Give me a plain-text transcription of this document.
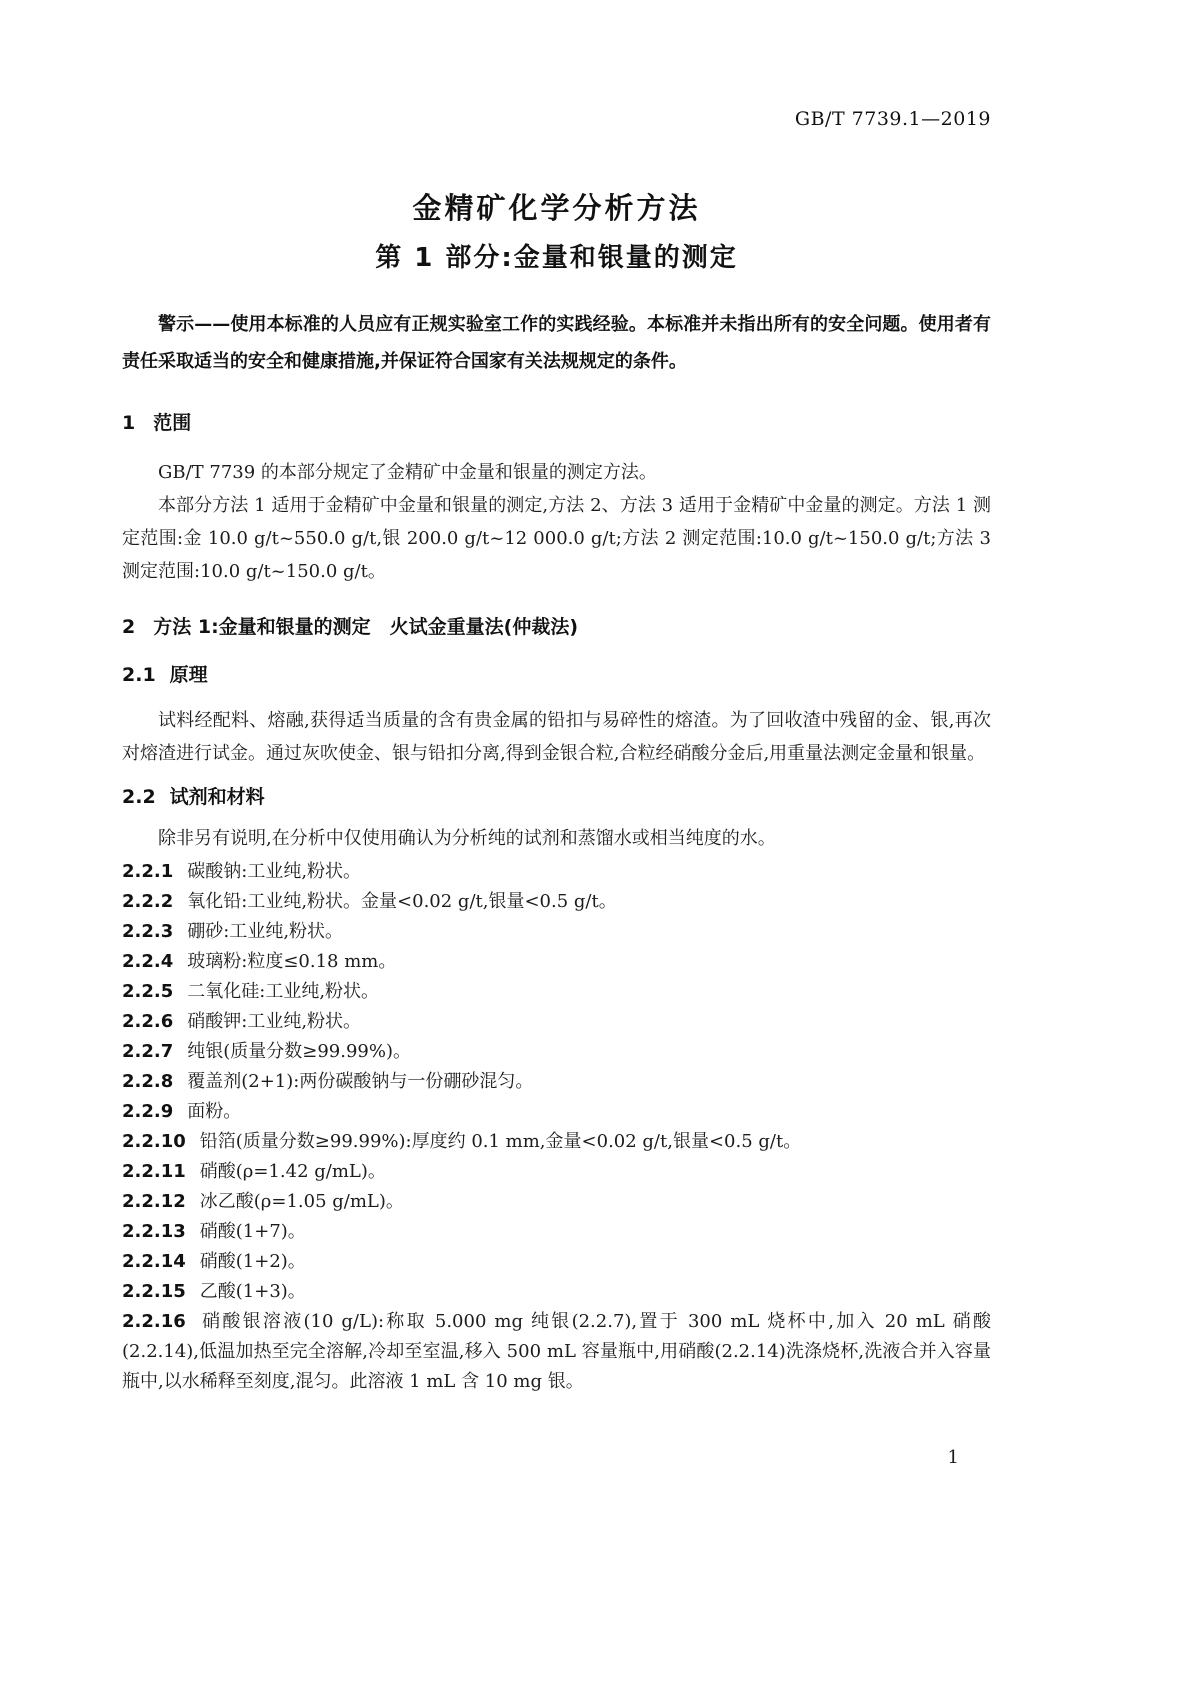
GB/T 7739.1—2019
金精矿化学分析方法
第 1 部分:金量和银量的测定

警示——使用本标准的人员应有正规实验室工作的实践经验。本标准并未指出所有的安全问题。使用者有责任采取适当的安全和健康措施,并保证符合国家有关法规规定的条件。

1 范围

GB/T 7739 的本部分规定了金精矿中金量和银量的测定方法。

本部分方法 1 适用于金精矿中金量和银量的测定,方法 2、方法 3 适用于金精矿中金量的测定。方法 1 测定范围:金 10.0 g/t~550.0 g/t,银 200.0 g/t~12 000.0 g/t;方法 2 测定范围:10.0 g/t~150.0 g/t;方法 3 测定范围:10.0 g/t~150.0 g/t。

2 方法 1:金量和银量的测定　火试金重量法(仲裁法)
2.1 原理

试料经配料、熔融,获得适当质量的含有贵金属的铅扣与易碎性的熔渣。为了回收渣中残留的金、银,再次对熔渣进行试金。通过灰吹使金、银与铅扣分离,得到金银合粒,合粒经硝酸分金后,用重量法测定金量和银量。

2.2 试剂和材料

除非另有说明,在分析中仅使用确认为分析纯的试剂和蒸馏水或相当纯度的水。

2.2.1 碳酸钠:工业纯,粉状。

2.2.2 氧化铅:工业纯,粉状。金量<0.02 g/t,银量<0.5 g/t。

2.2.3 硼砂:工业纯,粉状。

2.2.4 玻璃粉:粒度≤0.18 mm。

2.2.5 二氧化硅:工业纯,粉状。

2.2.6 硝酸钾:工业纯,粉状。

2.2.7 纯银(质量分数≥99.99%)。

2.2.8 覆盖剂(2+1):两份碳酸钠与一份硼砂混匀。

2.2.9 面粉。

2.2.10 铅箔(质量分数≥99.99%):厚度约 0.1 mm,金量<0.02 g/t,银量<0.5 g/t。

2.2.11 硝酸(ρ=1.42 g/mL)。

2.2.12 冰乙酸(ρ=1.05 g/mL)。

2.2.13 硝酸(1+7)。

2.2.14 硝酸(1+2)。

2.2.15 乙酸(1+3)。

2.2.16 硝酸银溶液(10 g/L):称取 5.000 mg 纯银(2.2.7),置于 300 mL 烧杯中,加入 20 mL 硝酸(2.2.14),低温加热至完全溶解,冷却至室温,移入 500 mL 容量瓶中,用硝酸(2.2.14)洗涤烧杯,洗液合并入容量瓶中,以水稀释至刻度,混匀。此溶液 1 mL 含 10 mg 银。

1
